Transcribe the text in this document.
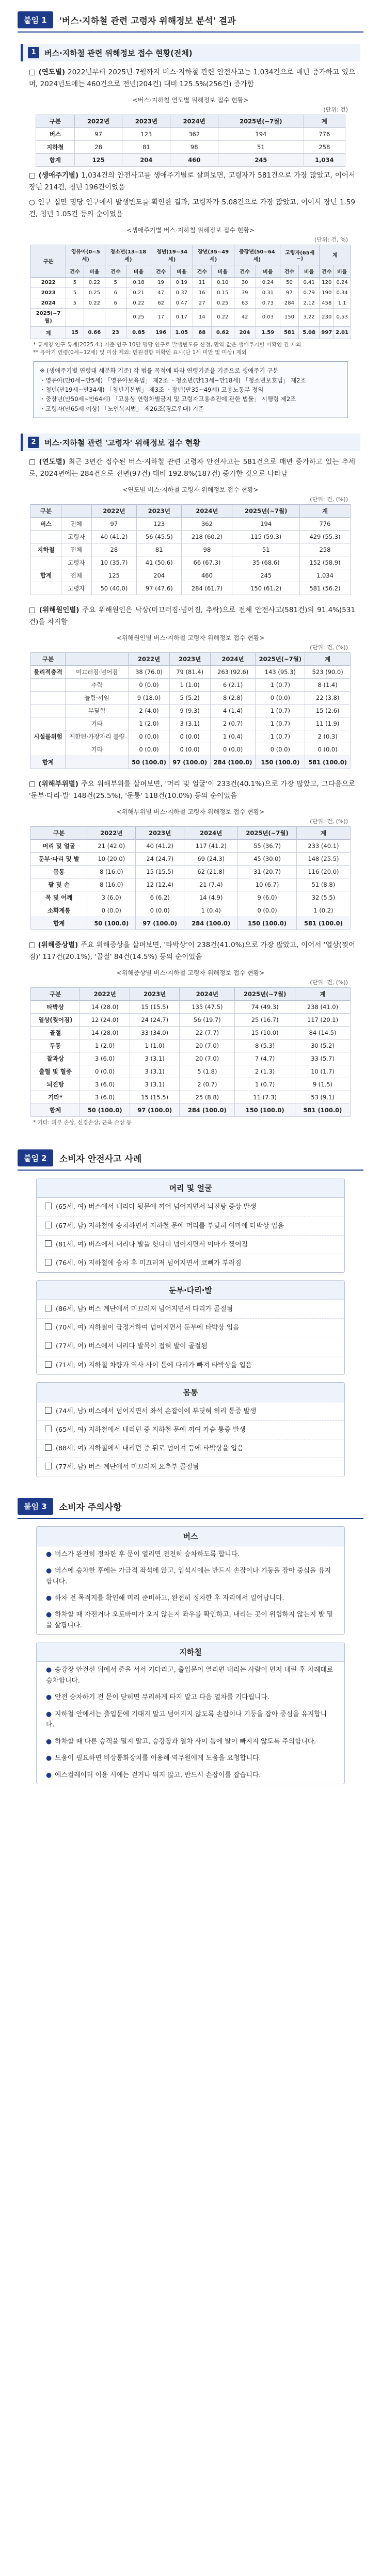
붙임 1	'버스·지하철 관련 고령자 위해정보 분석' 결과
1	버스·지하철 관련 위해정보 접수 현황(전체)

□ (연도별) 2022년부터 2025년 7월까지 버스·지하철 관련 안전사고는 1,034건으로 매년 증가하고 있으며, 2024년도에는 460건으로 전년(204건) 대비 125.5%(256건) 증가함

<버스·지하철 연도별 위해정보 접수 현황>
(단위: 건)
구분	2022년	2023년	2024년	2025년(~7월)	계
버스	97	123	362	194	776
지하철	28	81	98	51	258
합계	125	204	460	245	1,034

□ (생애주기별) 1,034건의 안전사고를 생애주기별로 살펴보면, 고령자가 581건으로 가장 많았고, 이어서 장년 214건, 청년 196건이었음

○ 인구 십만 명당 인구에서 발생빈도를 확인한 결과, 고령자가 5.08건으로 가장 많았고, 이어서 장년 1.59건, 청년 1.05건 등의 순이었음

<생애주기별 버스·지하철 위해정보 접수 현황>
(단위: 건, %)
구분	영유아(0~5세)		청소년(13~18세)		청년(19~34세)		장년(35~49세)		중장년(50~64세)		고령자(65세~)		계	
	건수	비율	건수	비율	건수	비율	건수	비율	건수	비율	건수	비율	건수	비율
2022	5	0.22	5	0.18	19	0.19	11	0.10	30	0.24	50	0.41	120	0.24
2023	5	0.25	6	0.21	47	0.37	16	0.15	39	0.31	97	0.79	190	0.34
2024	5	0.22	6	0.22	62	0.47	27	0.25	63	0.73	284	2.12	458	1.1
2025(~7월)				0.25	17	0.17	14	0.22	42	0.03	150	3.22	230	0.53
계	15	0.66	23	0.85	196	1.05	68	0.62	204	1.59	581	5.08	997	2.01
* 통계청 인구 통계(2025.4.) 기준 인구 10만 명당 인구로 발생빈도를 산정, 만약 값은 생애주기별 미확인 건 제외
** 유아기 연령(0세~12세) 및 미상 제외: 민원경향 미확인 표시(단 1세 미만 및 미상) 제외
※ (생애주기별 연령대 세분화 기준) 각 법률 목적에 따라 연령기준을 기준으로 생애주기 구분
ㆍ영유아(만0세~만5세) 「영유아보육법」 제2조 ㆍ청소년(만13세~만18세) 「청소년보호법」 제2조
ㆍ청년(만19세~만34세) 「청년기본법」 제3조 ㆍ장년(만35~49세) 고용노동부 정의
ㆍ중장년(만50세~만64세) 「고용상 연령차별금지 및 고령자고용촉진에 관한 법률」 시행령 제2조
ㆍ고령자(만65세 이상) 「노인복지법」 제26조(경로우대) 기준
2	버스·지하철 관련 '고령자' 위해정보 접수 현황

□ (연도별) 최근 3년간 접수된 버스·지하철 관련 고령자 안전사고는 581건으로 매년 증가하고 있는 추세로, 2024년에는 284건으로 전년(97건) 대비 192.8%(187건) 증가한 것으로 나타남

<연도별 버스·지하철 고령자 위해정보 접수 현황>
(단위: 건, (%))
구분		2022년	2023년	2024년	2025년(~7월)	계
버스	전체	97	123	362	194	776
	고령자	40 (41.2)	56 (45.5)	218 (60.2)	115 (59.3)	429 (55.3)
지하철	전체	28	81	98	51	258
	고령자	10 (35.7)	41 (50.6)	66 (67.3)	35 (68.6)	152 (58.9)
합계	전체	125	204	460	245	1,034
	고령자	50 (40.0)	97 (47.6)	284 (61.7)	150 (61.2)	581 (56.2)

□ (위해원인별) 주요 위해원인은 낙상(미끄러짐·넘어짐, 추락)으로 전체 안전사고(581건)의 91.4%(531건)을 차지함

<위해원인별 버스·지하철 고령자 위해정보 접수 현황>
(단위: 건, (%))
구분		2022년	2023년	2024년	2025년(~7월)	계
물리적충격	미끄러짐·넘어짐	38 (76.0)	79 (81.4)	263 (92.6)	143 (95.3)	523 (90.0)
	추락	0 (0.0)	1 (1.0)	6 (2.1)	1 (0.7)	8 (1.4)
	눌림·끼임	9 (18.0)	5 (5.2)	8 (2.8)	0 (0.0)	22 (3.8)
	부딪힘	2 (4.0)	9 (9.3)	4 (1.4)	1 (0.7)	15 (2.6)
	기타	1 (2.0)	3 (3.1)	2 (0.7)	1 (0.7)	11 (1.9)
시설물위험	제한된·가장자리 불량	0 (0.0)	0 (0.0)	1 (0.4)	1 (0.7)	2 (0.3)
	기타	0 (0.0)	0 (0.0)	0 (0.0)	0 (0.0)	0 (0.0)
합계		50 (100.0)	97 (100.0)	284 (100.0)	150 (100.0)	581 (100.0)

□ (위해부위별) 주요 위해부위를 살펴보면, '머리 및 얼굴'이 233건(40.1%)으로 가장 많았고, 그다음으로 '둔부·다리·발' 148건(25.5%), '둔통' 118건(10.0%) 등의 순이었음

<위해부위별 버스·지하철 고령자 위해정보 접수 현황>
(단위: 건, (%))
구분	2022년	2023년	2024년	2025년(~7월)	계
머리 및 얼굴	21 (42.0)	40 (41.2)	117 (41.2)	55 (36.7)	233 (40.1)
둔부·다리 및 발	10 (20.0)	24 (24.7)	69 (24.3)	45 (30.0)	148 (25.5)
몸통	8 (16.0)	15 (15.5)	62 (21.8)	31 (20.7)	116 (20.0)
팔 및 손	8 (16.0)	12 (12.4)	21 (7.4)	10 (6.7)	51 (8.8)
목 및 어깨	3 (6.0)	6 (6.2)	14 (4.9)	9 (6.0)	32 (5.5)
소화계통	0 (0.0)	0 (0.0)	1 (0.4)	0 (0.0)	1 (0.2)
합계	50 (100.0)	97 (100.0)	284 (100.0)	150 (100.0)	581 (100.0)

□ (위해증상별) 주요 위해증상을 살펴보면, '타박상'이 238건(41.0%)으로 가장 많았고, 이어서 '열상(찢어짐)' 117건(20.1%), '골절' 84건(14.5%) 등의 순이었음

<위해증상별 버스·지하철 고령자 위해정보 접수 현황>
(단위: 건, (%))
구분	2022년	2023년	2024년	2025년(~7월)	계
타박상	14 (28.0)	15 (15.5)	135 (47.5)	74 (49.3)	238 (41.0)
열상(찢어짐)	12 (24.0)	24 (24.7)	56 (19.7)	25 (16.7)	117 (20.1)
골절	14 (28.0)	33 (34.0)	22 (7.7)	15 (10.0)	84 (14.5)
두통	1 (2.0)	1 (1.0)	20 (7.0)	8 (5.3)	30 (5.2)
찰과상	3 (6.0)	3 (3.1)	20 (7.0)	7 (4.7)	33 (5.7)
출혈 및 혈종	0 (0.0)	3 (3.1)	5 (1.8)	2 (1.3)	10 (1.7)
뇌진탕	3 (6.0)	3 (3.1)	2 (0.7)	1 (0.7)	9 (1.5)
기타*	3 (6.0)	15 (15.5)	25 (8.8)	11 (7.3)	53 (9.1)
합계	50 (100.0)	97 (100.0)	284 (100.0)	150 (100.0)	581 (100.0)
* 기타: 피부 손상, 신경손상, 근육 손상 등
붙임 2	소비자 안전사고 사례
머리 및 얼굴
(65세, 여) 버스에서 내리다 뒷문에 끼어 넘어지면서 뇌진탕 증상 발생
(67세, 남) 지하철에 승차하면서 지하철 문에 머리를 부딪혀 이마에 타박상 입음
(81세, 여) 버스에서 내리다 발을 헛디뎌 넘어지면서 이마가 찢어짐
(76세, 여) 지하철에 승차 후 미끄러져 넘어지면서 코뼈가 부러짐
둔부·다리·발
(86세, 남) 버스 계단에서 미끄러져 넘어지면서 다리가 골절됨
(70세, 여) 지하철이 급정거하여 넘어지면서 둔부에 타박상 입음
(77세, 여) 버스에서 내리다 발목이 접혀 발이 골절됨
(71세, 여) 지하철 차량과 역사 사이 틈에 다리가 빠져 타박상을 입음
몸통
(74세, 남) 버스에서 넘어지면서 좌석 손잡이에 부딪혀 허리 통증 발생
(65세, 여) 지하철에서 내리던 중 지하철 문에 끼여 가슴 통증 발생
(88세, 여) 지하철에서 내리던 중 뒤로 넘어져 등에 타박상을 입음
(77세, 남) 버스 계단에서 미끄러져 요추부 골절됨
붙임 3	소비자 주의사항
버스
● 버스가 완전히 정차한 후 문이 열리면 천천히 승차하도록 합니다.
● 버스에 승차한 후에는 가급적 좌석에 앉고, 입석시에는 반드시 손잡이나 기둥을 잡아 중심을 유지합니다.
● 하차 전 목적지를 확인해 미리 준비하고, 완전히 정차한 후 자리에서 일어납니다.
● 하차할 때 자전거나 오토바이가 오지 않는지 좌우를 확인하고, 내리는 곳이 위험하지 않는지 발 밑을 살핍니다.
지하철
● 승강장 안전선 뒤에서 줄을 서서 기다리고, 출입문이 열리면 내리는 사람이 먼저 내린 후 차례대로 승차합니다.
● 안전 승차하기 전 문이 닫히면 무리하게 타지 말고 다음 열차를 기다립니다.
● 지하철 안에서는 출입문에 기대지 말고 넘어지지 않도록 손잡이나 기둥을 잡아 중심을 유지합니다.
● 하차할 때 다른 승객을 밀지 말고, 승강장과 열차 사이 틈에 발이 빠지지 않도록 주의합니다.
● 도움이 필요하면 비상통화장치를 이용해 역무원에게 도움을 요청합니다.
● 에스컬레이터 이용 시에는 걷거나 뛰지 않고, 반드시 손잡이를 잡습니다.
